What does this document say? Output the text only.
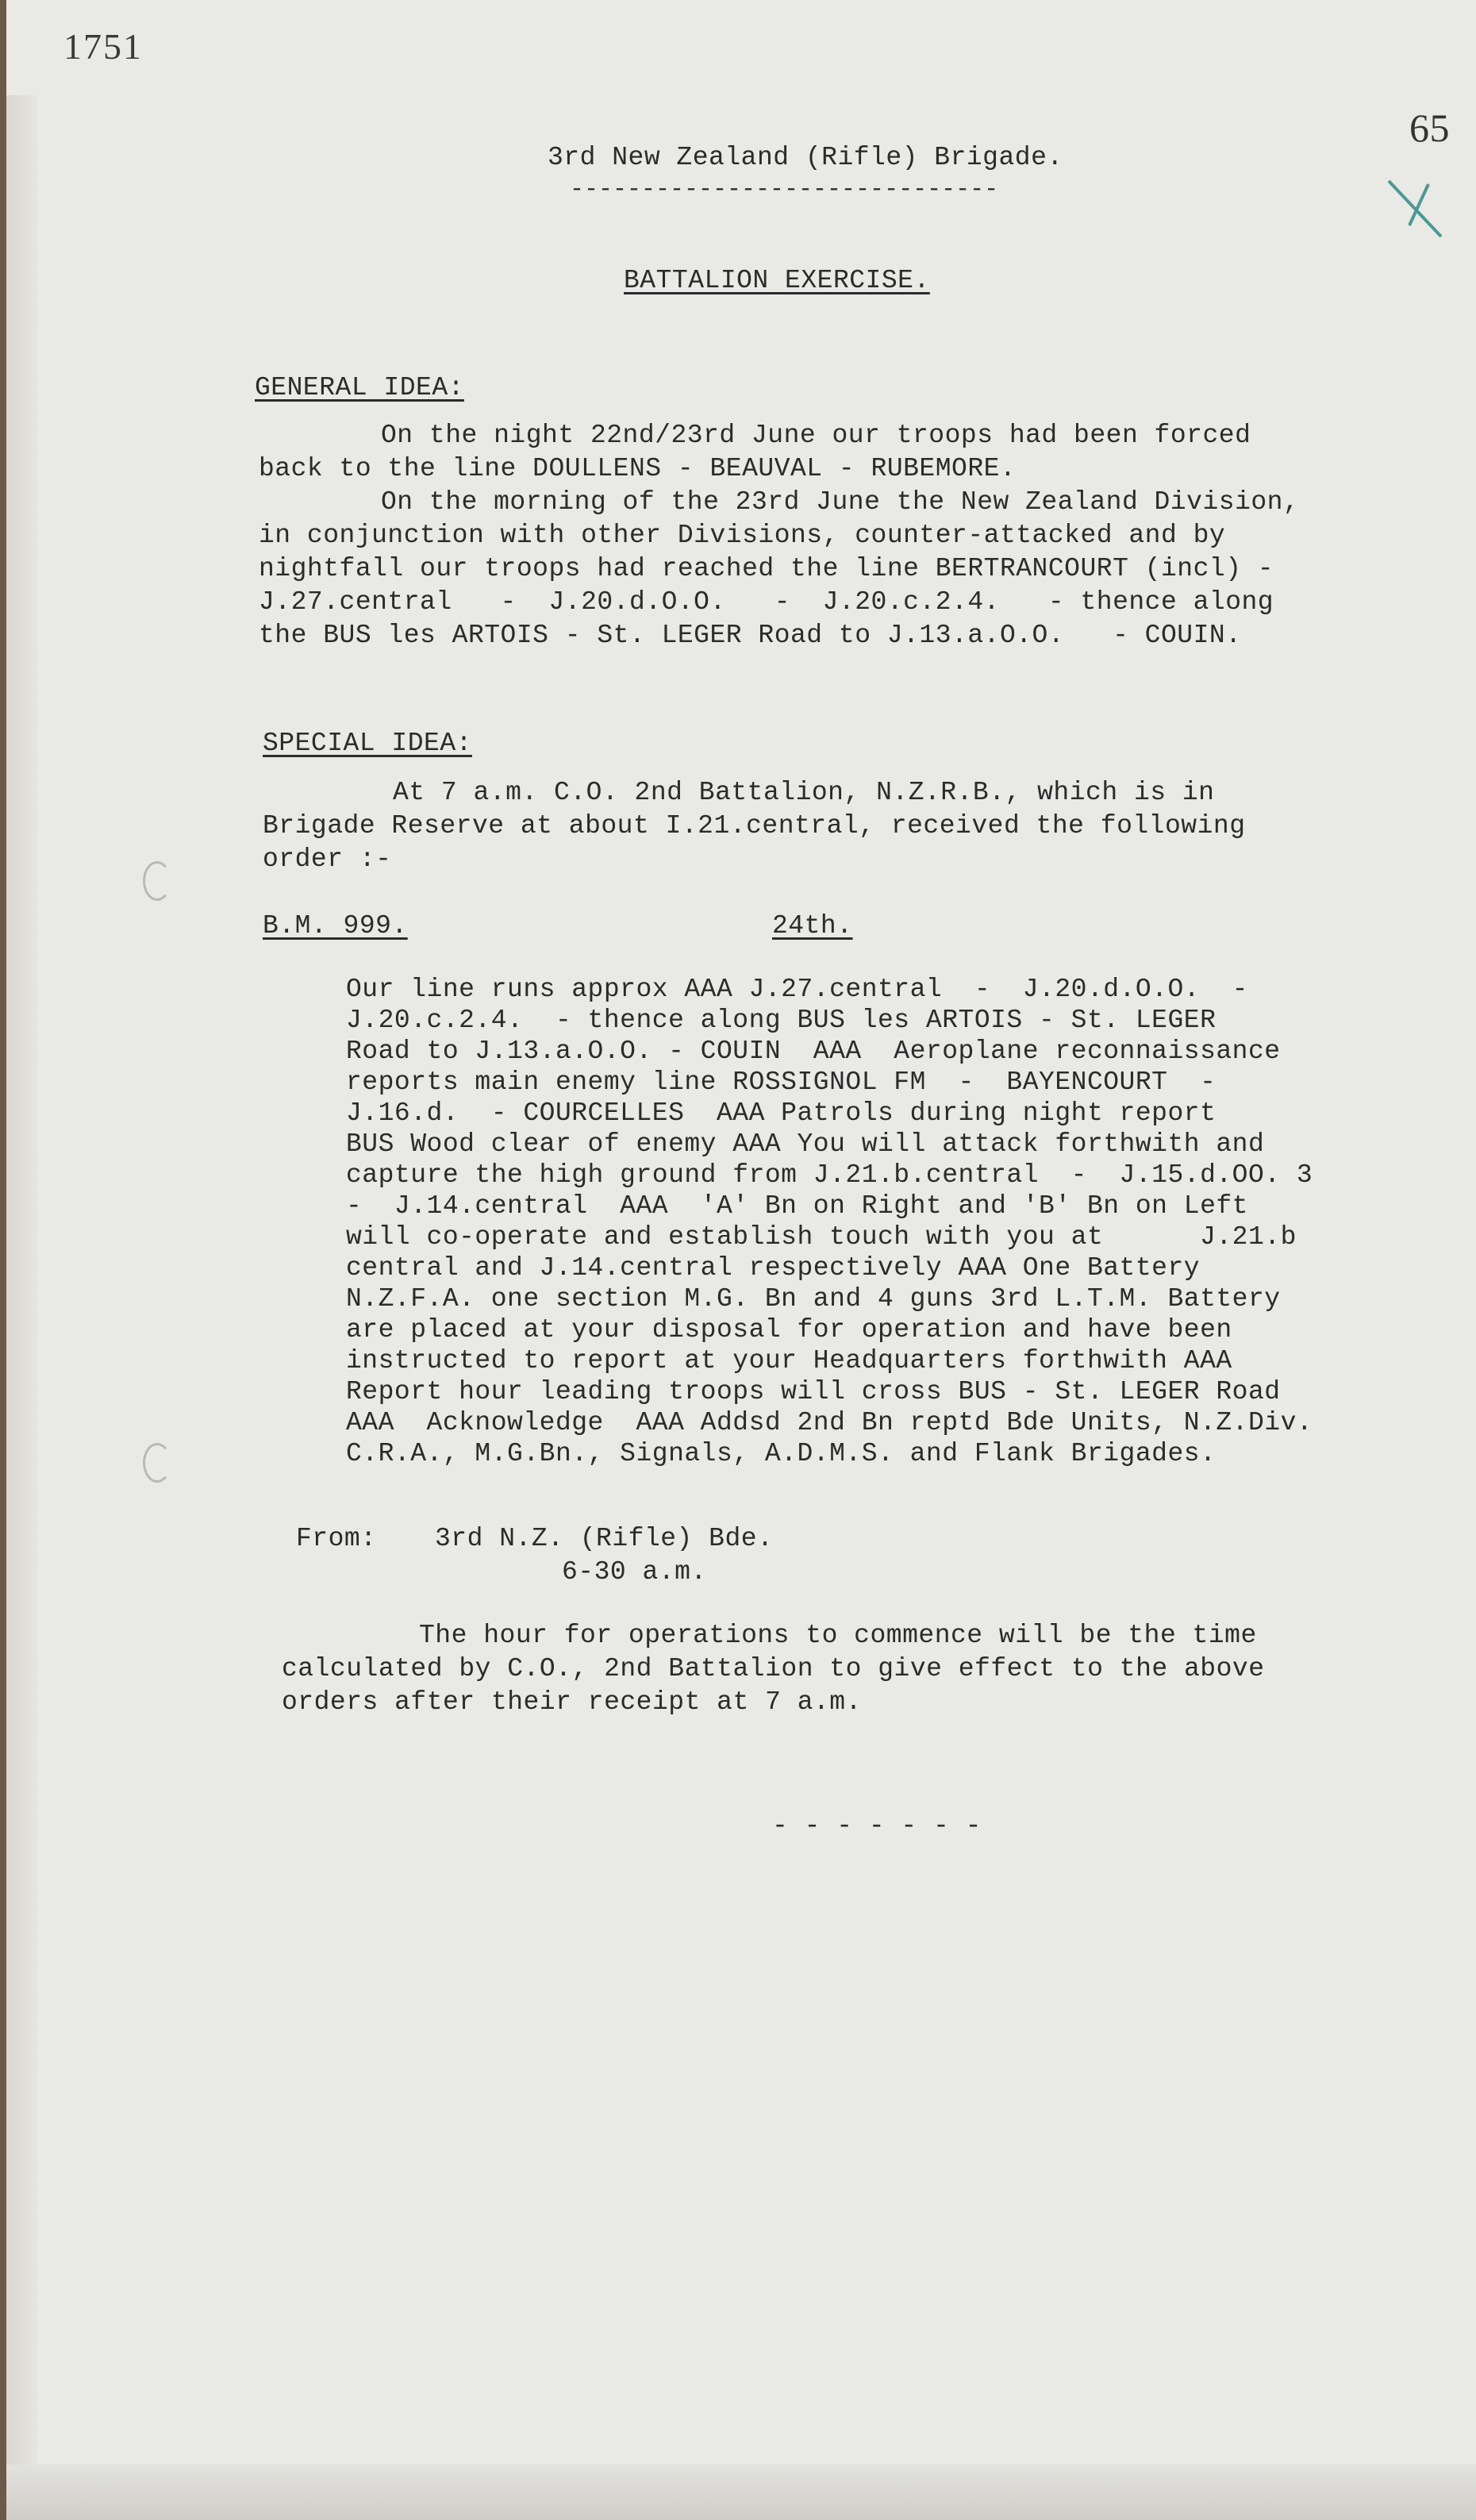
1751
65
3rd New Zealand (Rifle) Brigade.
------------------------------
BATTALION EXERCISE.
GENERAL IDEA:
On the night 22nd/23rd June our troops had been forced
back to the line DOULLENS - BEAUVAL - RUBEMORE.
On the morning of the 23rd June the New Zealand Division,
in conjunction with other Divisions, counter-attacked and by
nightfall our troops had reached the line BERTRANCOURT (incl) -
J.27.central   -  J.20.d.O.O.   -  J.20.c.2.4.   - thence along
the BUS les ARTOIS - St. LEGER Road to J.13.a.O.O.   - COUIN.
SPECIAL IDEA:
At 7 a.m. C.O. 2nd Battalion, N.Z.R.B., which is in
Brigade Reserve at about I.21.central, received the following
order :-
B.M. 999.	24th.
Our line runs approx AAA J.27.central  -  J.20.d.O.O.  -
J.20.c.2.4.  - thence along BUS les ARTOIS - St. LEGER
Road to J.13.a.O.O. - COUIN  AAA  Aeroplane reconnaissance
reports main enemy line ROSSIGNOL FM  -  BAYENCOURT  -
J.16.d.  - COURCELLES  AAA Patrols during night report
BUS Wood clear of enemy AAA You will attack forthwith and
capture the high ground from J.21.b.central  -  J.15.d.OO. 3
-  J.14.central  AAA  'A' Bn on Right and 'B' Bn on Left
will co-operate and establish touch with you at      J.21.b
central and J.14.central respectively AAA One Battery
N.Z.F.A. one section M.G. Bn and 4 guns 3rd L.T.M. Battery
are placed at your disposal for operation and have been
instructed to report at your Headquarters forthwith AAA
Report hour leading troops will cross BUS - St. LEGER Road
AAA  Acknowledge  AAA Addsd 2nd Bn reptd Bde Units, N.Z.Div.
C.R.A., M.G.Bn., Signals, A.D.M.S. and Flank Brigades.
From: 3rd N.Z. (Rifle) Bde.
6-30 a.m.
The hour for operations to commence will be the time
calculated by C.O., 2nd Battalion to give effect to the above
orders after their receipt at 7 a.m.
- - - - - - -
